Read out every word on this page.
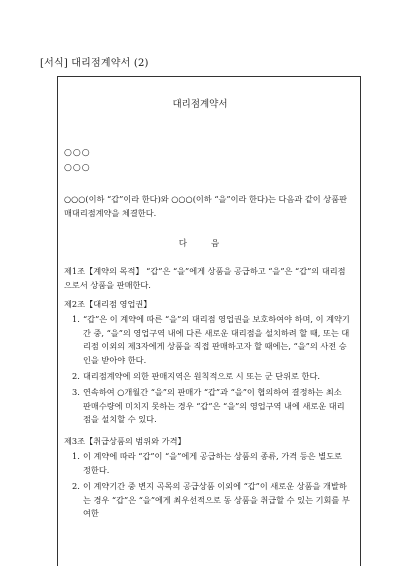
[서식] 대리점계약서 (2)
대리점계약서
○○○
○○○
○○○(이하 “갑”이라 한다)와 ○○○(이하 “을”이라 한다)는 다음과 같이 상품판매대리점계약을 체결한다.
다	음
제1조【계약의 목적】 “갑”은 “을”에게 상품을 공급하고 “을”은 “갑”의 대리점으로서 상품을 판매한다.
제2조【대리점 영업권】
1. “갑”은 이 계약에 따른 “을”의 대리점 영업권을 보호하여야 하며, 이 계약기간 중, “을”의 영업구역 내에 다른 새로운 대리점을 설치하려 할 때, 또는 대리점 이외의 제3자에게 상품을 직접 판매하고자 할 때에는, “을”의 사전 승인을 받아야 한다.
2. 대리점계약에 의한 판매지역은 원칙적으로 시 또는 군 단위로 한다.
3. 연속하여 ○개월간 “을”의 판매가 “갑”과 “을”이 협의하여 결정하는 최소 판매수량에 미치지 못하는 경우 “갑”은 “을”의 영업구역 내에 새로운 대리점을 설치할 수 있다.
제3조【취급상품의 범위와 가격】
1. 이 계약에 따라 “갑”이 “을”에게 공급하는 상품의 종류, 가격 등은 별도로 정한다.
2. 이 계약기간 중 변지 곡목의 공급상품 이외에 “갑”이 새로운 상품을 개발하는 경우 “갑”은 “을”에게 최우선적으로 동 상품을 취급할 수 있는 기회를 부여한
